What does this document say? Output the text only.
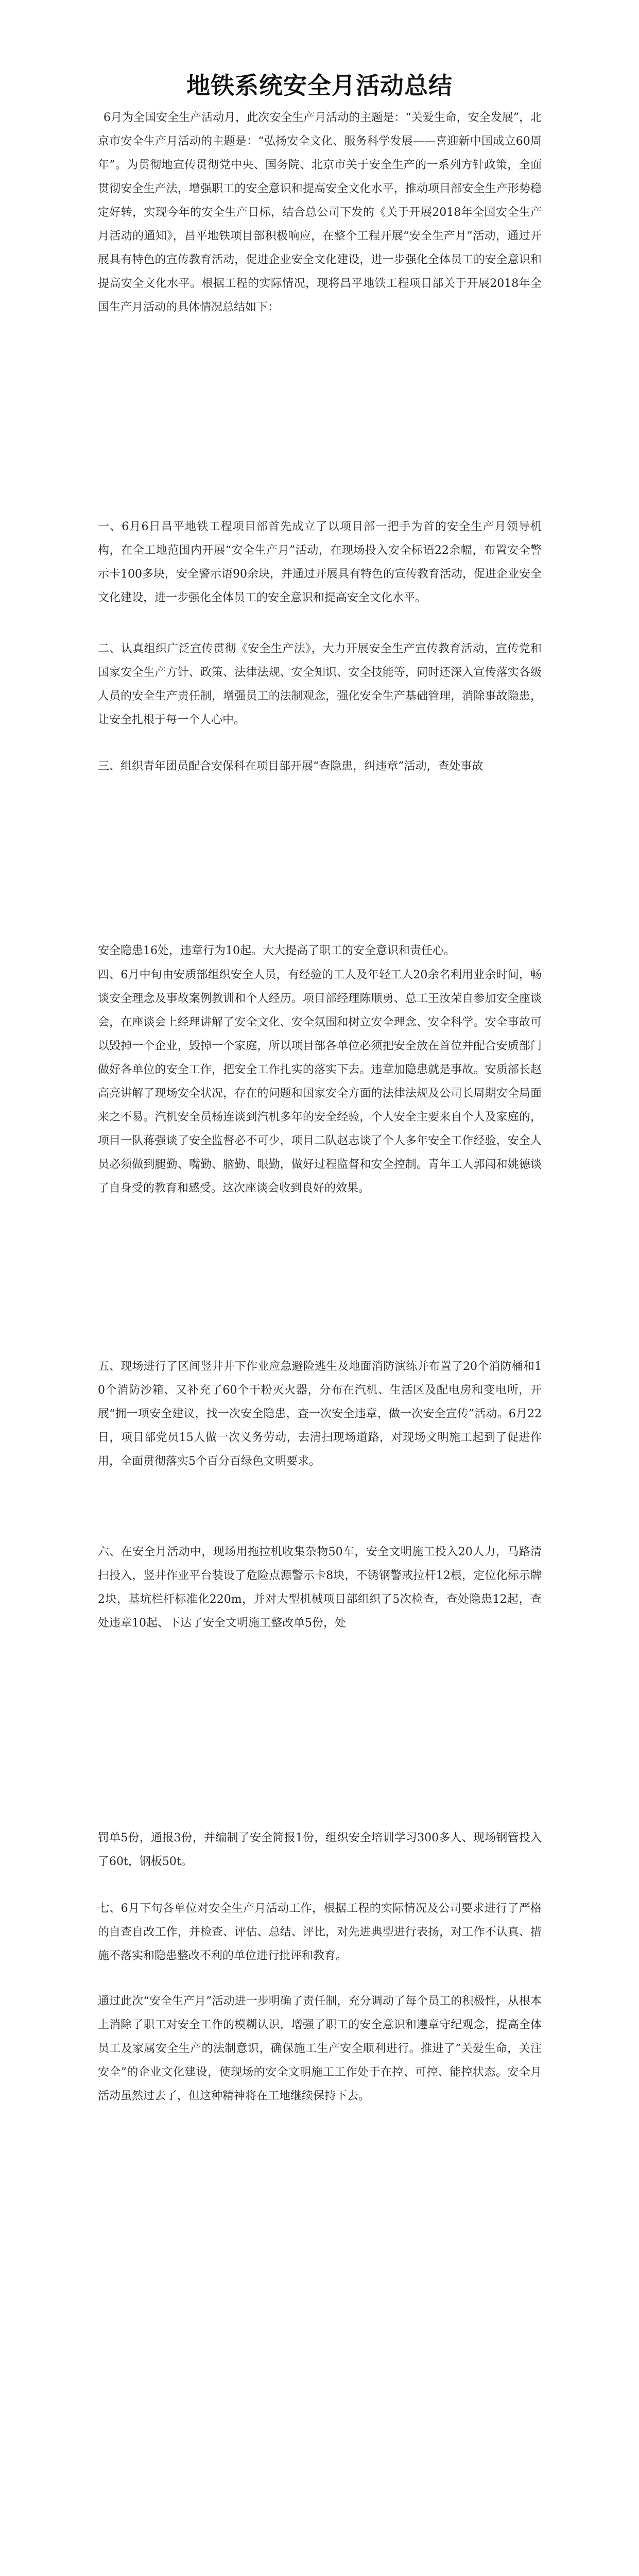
地铁系统安全月活动总结

6月为全国安全生产活动月，此次安全生产月活动的主题是：“关爱生命，安全发展”，北京市安全生产月活动的主题是：“弘扬安全文化、服务科学发展——喜迎新中国成立60周年”。为贯彻地宣传贯彻党中央、国务院、北京市关于安全生产的一系列方针政策，全面贯彻安全生产法，增强职工的安全意识和提高安全文化水平，推动项目部安全生产形势稳定好转，实现今年的安全生产目标，结合总公司下发的《关于开展2018年全国安全生产月活动的通知》，昌平地铁项目部积极响应，在整个工程开展“安全生产月”活动，通过开展具有特色的宣传教育活动，促进企业安全文化建设，进一步强化全体员工的安全意识和提高安全文化水平。根据工程的实际情况，现将昌平地铁工程项目部关于开展2018年全国生产月活动的具体情况总结如下：

一、6月6日昌平地铁工程项目部首先成立了以项目部一把手为首的安全生产月领导机构，在全工地范围内开展“安全生产月”活动，在现场投入安全标语22余幅，布置安全警示卡100多块，安全警示语90余块，并通过开展具有特色的宣传教育活动，促进企业安全文化建设，进一步强化全体员工的安全意识和提高安全文化水平。

二、认真组织广泛宣传贯彻《安全生产法》，大力开展安全生产宣传教育活动，宣传党和国家安全生产方针、政策、法律法规、安全知识、安全技能等，同时还深入宣传落实各级人员的安全生产责任制，增强员工的法制观念，强化安全生产基础管理，消除事故隐患，让安全扎根于每一个人心中。

三、组织青年团员配合安保科在项目部开展“查隐患，纠违章”活动，查处事故

安全隐患16处，违章行为10起。大大提高了职工的安全意识和责任心。

四、6月中旬由安质部组织安全人员，有经验的工人及年轻工人20余名利用业余时间，畅谈安全理念及事故案例教训和个人经历。项目部经理陈顺勇、总工王汝荣自参加安全座谈会，在座谈会上经理讲解了安全文化、安全氛围和树立安全理念、安全科学。安全事故可以毁掉一个企业，毁掉一个家庭，所以项目部各单位必须把安全放在首位并配合安质部门做好各单位的安全工作，把安全工作扎实的落实下去。违章加隐患就是事故。安质部长赵高亮讲解了现场安全状况，存在的问题和国家安全方面的法律法规及公司长周期安全局面来之不易。汽机安全员杨连谈到汽机多年的安全经验，个人安全主要来自个人及家庭的，项目一队蒋强谈了安全监督必不可少，项目二队赵志谈了个人多年安全工作经验，安全人员必须做到腿勤、嘴勤、脑勤、眼勤，做好过程监督和安全控制。青年工人郭闯和姚德谈了自身受的教育和感受。这次座谈会收到良好的效果。

五、现场进行了区间竖井井下作业应急避险逃生及地面消防演练并布置了20个消防桶和10个消防沙箱、又补充了60个干粉灭火器，分布在汽机、生活区及配电房和变电所，开展“拥一项安全建议，找一次安全隐患，查一次安全违章，做一次安全宣传”活动。6月22日，项目部党员15人做一次义务劳动，去清扫现场道路，对现场文明施工起到了促进作用，全面贯彻落实5个百分百绿色文明要求。

六、在安全月活动中，现场用拖拉机收集杂物50车，安全文明施工投入20人力，马路清扫投入，竖井作业平台装设了危险点源警示卡8块，不锈钢警戒拉杆12根，定位化标示牌2块，基坑栏杆标准化220m，并对大型机械项目部组织了5次检查，查处隐患12起，查处违章10起、下达了安全文明施工整改单5份，处

罚单5份，通报3份，并编制了安全简报1份，组织安全培训学习300多人、现场钢管投入了60t，钢板50t。

七、6月下旬各单位对安全生产月活动工作，根据工程的实际情况及公司要求进行了严格的自查自改工作，并检查、评估、总结、评比，对先进典型进行表扬，对工作不认真、措施不落实和隐患整改不利的单位进行批评和教育。

通过此次“安全生产月”活动进一步明确了责任制，充分调动了每个员工的积极性，从根本上消除了职工对安全工作的模糊认识，增强了职工的安全意识和遵章守纪观念，提高全体员工及家属安全生产的法制意识，确保施工生产安全顺利进行。推进了“关爱生命，关注安全”的企业文化建设，使现场的安全文明施工工作处于在控、可控、能控状态。安全月活动虽然过去了，但这种精神将在工地继续保持下去。
